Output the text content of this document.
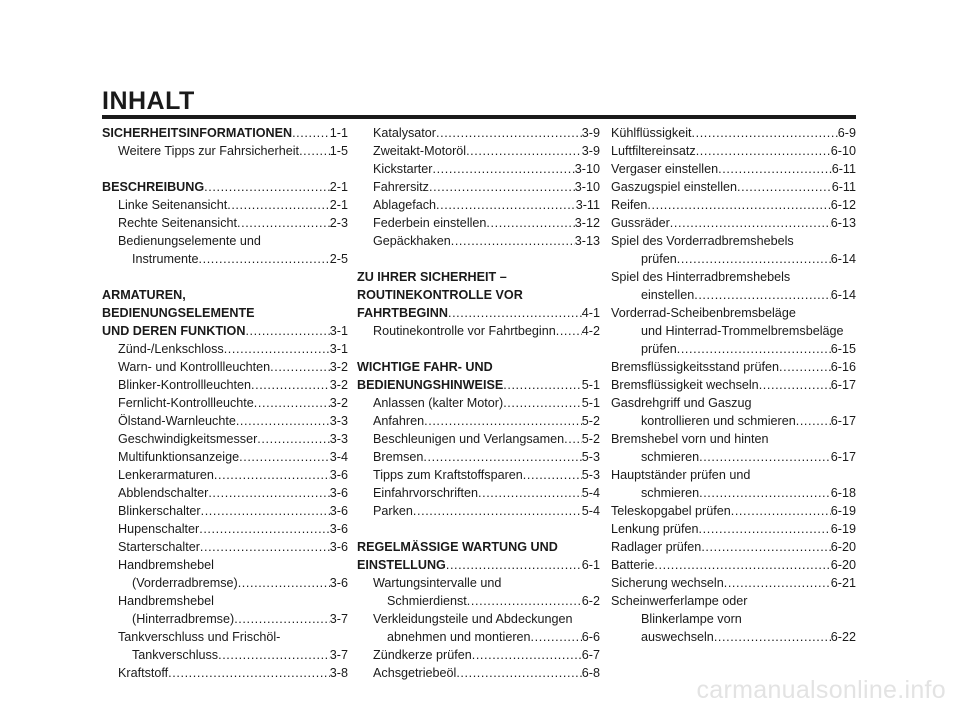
INHALT
SICHERHEITSINFORMATIONEN .....	1-1
Weitere Tipps zur Fahrsicherheit ..... 1-5
BESCHREIBUNG .....	2-1
Linke Seitenansicht .....	2-1
Rechte Seitenansicht .....	2-3
Bedienungselemente und
Instrumente .....	2-5
ARMATUREN,
BEDIENUNGSELEMENTE
UND DEREN FUNKTION .....	3-1
Zünd-/Lenkschloss .....	3-1
Warn- und Kontrollleuchten .....	3-2
Blinker-Kontrollleuchten .....	3-2
Fernlicht-Kontrollleuchte .....	3-2
Ölstand-Warnleuchte .....	3-3
Geschwindigkeitsmesser .....	3-3
Multifunktionsanzeige .....	3-4
Lenkerarmaturen .....	3-6
Abblendschalter .....	3-6
Blinkerschalter .....	3-6
Hupenschalter .....	3-6
Starterschalter .....	3-6
Handbremshebel
(Vorderradbremse) .....	3-6
Handbremshebel
(Hinterradbremse) .....	3-7
Tankverschluss und Frischöl-
Tankverschluss .....	3-7
Kraftstoff .....	3-8
Katalysator .....	3-9
Zweitakt-Motoröl .....	3-9
Kickstarter .....	3-10
Fahrersitz .....	3-10
Ablagefach .....	3-11
Federbein einstellen .....	3-12
Gepäckhaken .....	3-13
ZU IHRER SICHERHEIT –
ROUTINEKONTROLLE VOR
FAHRTBEGINN .....	4-1
Routinekontrolle vor Fahrtbeginn ..... 4-2
WICHTIGE FAHR- UND
BEDIENUNGSHINWEISE .....	5-1
Anlassen (kalter Motor) .....	5-1
Anfahren .....	5-2
Beschleunigen und Verlangsamen ..... 5-2
Bremsen .....	5-3
Tipps zum Kraftstoffsparen .....	5-3
Einfahrvorschriften .....	5-4
Parken .....	5-4
REGELMÄSSIGE WARTUNG UND
EINSTELLUNG .....	6-1
Wartungsintervalle und
Schmierdienst .....	6-2
Verkleidungsteile und Abdeckungen
abnehmen und montieren .....	6-6
Zündkerze prüfen .....	6-7
Achsgetriebeöl .....	6-8
Kühlflüssigkeit .....	6-9
Luftfiltereinsatz .....	6-10
Vergaser einstellen .....	6-11
Gaszugspiel einstellen .....	6-11
Reifen .....	6-12
Gussräder .....	6-13
Spiel des Vorderradbremshebels
prüfen .....	6-14
Spiel des Hinterradbremshebels
einstellen .....	6-14
Vorderrad-Scheibenbremsbeläge
und Hinterrad-Trommelbremsbeläge
prüfen .....	6-15
Bremsflüssigkeitsstand prüfen .....	6-16
Bremsflüssigkeit wechseln .....	6-17
Gasdrehgriff und Gaszug
kontrollieren und schmieren .....	6-17
Bremshebel vorn und hinten
schmieren .....	6-17
Hauptständer prüfen und
schmieren .....	6-18
Teleskopgabel prüfen .....	6-19
Lenkung prüfen .....	6-19
Radlager prüfen .....	6-20
Batterie .....	6-20
Sicherung wechseln .....	6-21
Scheinwerferlampe oder
Blinkerlampe vorn
auswechseln .....	6-22
carmanualsonline.info
